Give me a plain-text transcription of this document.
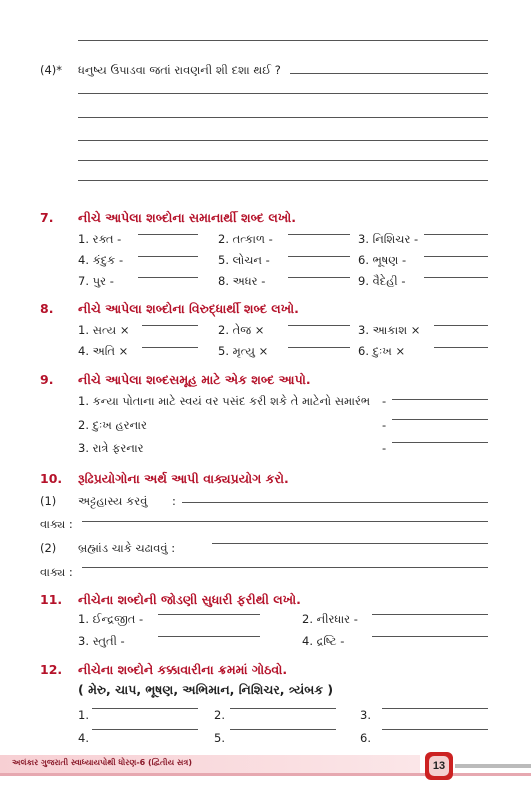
(4)* ધનુષ્ય ઉપાડવા જતાં રાવણની શી દશા થઈ ?
7. નીચે આપેલા શબ્દોના સમાનાર્થી શબ્દ લખો.
1. રક્ત -	2. તત્કાળ -	3. નિશિચર -
4. કંદુક -	5. લોચન -	6. ભૂષણ -
7. પુર -	8. અધર -	9. વૈદેહી -
8. નીચે આપેલા શબ્દોના વિરુદ્ધાર્થી શબ્દ લખો.
1. સત્ય ×	2. તેજ ×	3. આકાશ ×
4. અતિ ×	5. મૃત્યુ ×	6. દુઃખ ×
9. નીચે આપેલા શબ્દસમૂહ માટે એક શબ્દ આપો.
1. કન્યા પોતાના માટે સ્વયં વર પસંદ કરી શકે તે માટેનો સમારંભ -
2. દુઃખ હરનાર	-
3. રાત્રે ફરનાર	-
10. રૂઢિપ્રયોગોના અર્થ આપી વાક્યપ્રયોગ કરો.
(1) અટ્ટહાસ્ય કરવું :
વાક્ય :
(2) બ્રહ્માંડ ચાકે ચઢાવવું :
વાક્ય :
11. નીચેના શબ્દોની જોડણી સુધારી ફરીથી લખો.
1. ઈન્દ્રજીત -	2. નીરધાર -
3. સ્તુતી -	4. દ્રષ્ટિ -
12. નીચેના શબ્દોને કક્કાવારીના ક્રમમાં ગોઠવો.
( મેરુ, ચાપ, ભૂષણ, અભિમાન, નિશિચર, ત્ર્યંબક )
1.	2.	3.
4.	5.	6.
અલંકાર ગુજરાતી સ્વાધ્યાયપોથી ધોરણ-6 (દ્વિતીય સત્ર)	13
